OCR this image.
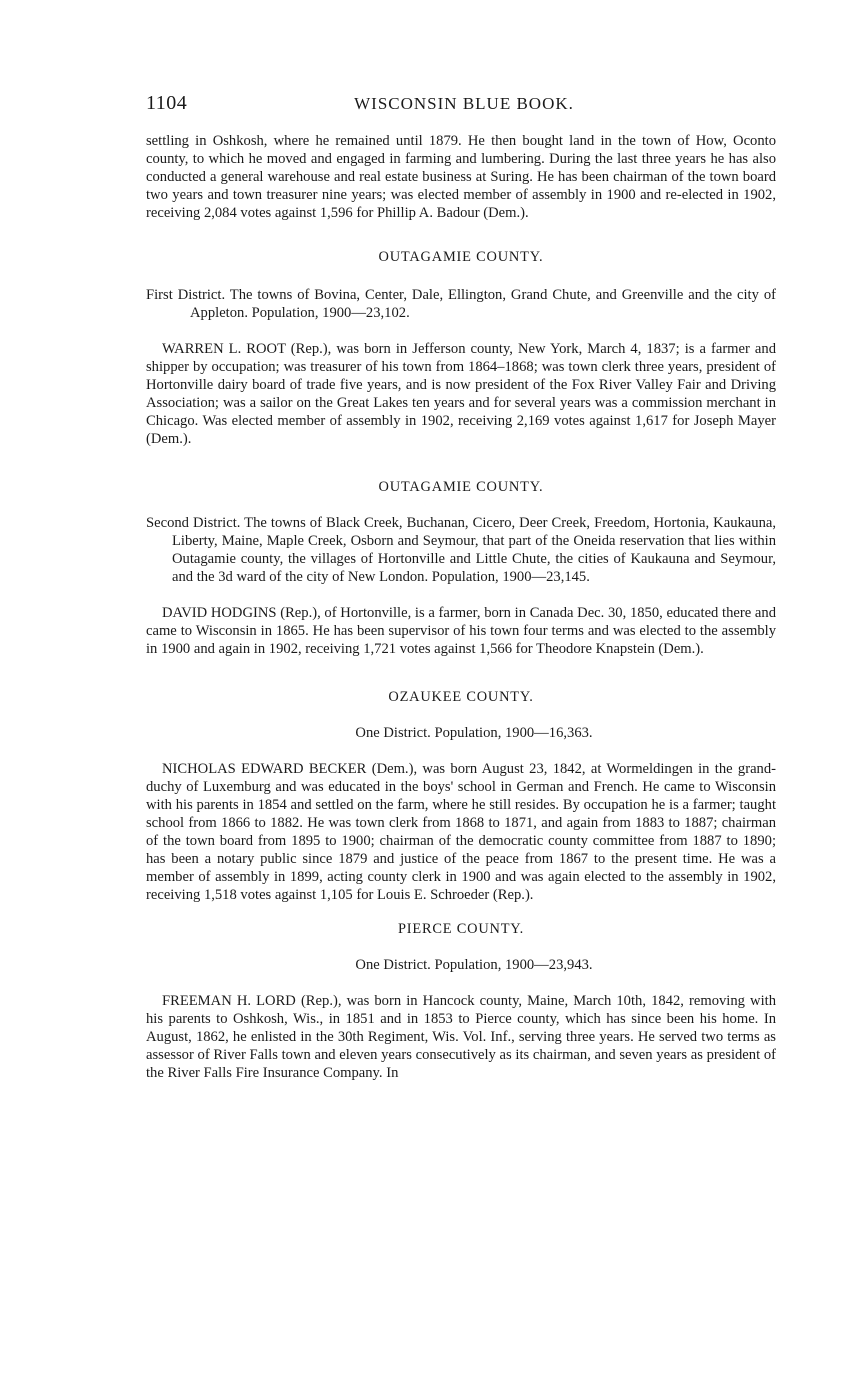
1104	WISCONSIN BLUE BOOK.

settling in Oshkosh, where he remained until 1879. He then bought land in the town of How, Oconto county, to which he moved and engaged in farming and lumbering. During the last three years he has also conducted a general warehouse and real estate business at Suring. He has been chairman of the town board two years and town treasurer nine years; was elected member of assembly in 1900 and re-elected in 1902, receiving 2,084 votes against 1,596 for Phillip A. Badour (Dem.).

OUTAGAMIE COUNTY.

First District. The towns of Bovina, Center, Dale, Ellington, Grand Chute, and Greenville and the city of Appleton. Population, 1900—23,102.

WARREN L. ROOT (Rep.), was born in Jefferson county, New York, March 4, 1837; is a farmer and shipper by occupation; was treasurer of his town from 1864–1868; was town clerk three years, president of Hortonville dairy board of trade five years, and is now president of the Fox River Valley Fair and Driving Association; was a sailor on the Great Lakes ten years and for several years was a commission merchant in Chicago. Was elected member of assembly in 1902, receiving 2,169 votes against 1,617 for Joseph Mayer (Dem.).

OUTAGAMIE COUNTY.

Second District. The towns of Black Creek, Buchanan, Cicero, Deer Creek, Freedom, Hortonia, Kaukauna, Liberty, Maine, Maple Creek, Osborn and Seymour, that part of the Oneida reservation that lies within Outagamie county, the villages of Hortonville and Little Chute, the cities of Kaukauna and Seymour, and the 3d ward of the city of New London. Population, 1900—23,145.

DAVID HODGINS (Rep.), of Hortonville, is a farmer, born in Canada Dec. 30, 1850, educated there and came to Wisconsin in 1865. He has been supervisor of his town four terms and was elected to the assembly in 1900 and again in 1902, receiving 1,721 votes against 1,566 for Theodore Knapstein (Dem.).

OZAUKEE COUNTY.
One District. Population, 1900—16,363.

NICHOLAS EDWARD BECKER (Dem.), was born August 23, 1842, at Wormeldingen in the grand-duchy of Luxemburg and was educated in the boys' school in German and French. He came to Wisconsin with his parents in 1854 and settled on the farm, where he still resides. By occupation he is a farmer; taught school from 1866 to 1882. He was town clerk from 1868 to 1871, and again from 1883 to 1887; chairman of the town board from 1895 to 1900; chairman of the democratic county committee from 1887 to 1890; has been a notary public since 1879 and justice of the peace from 1867 to the present time. He was a member of assembly in 1899, acting county clerk in 1900 and was again elected to the assembly in 1902, receiving 1,518 votes against 1,105 for Louis E. Schroeder (Rep.).

PIERCE COUNTY.
One District. Population, 1900—23,943.

FREEMAN H. LORD (Rep.), was born in Hancock county, Maine, March 10th, 1842, removing with his parents to Oshkosh, Wis., in 1851 and in 1853 to Pierce county, which has since been his home. In August, 1862, he enlisted in the 30th Regiment, Wis. Vol. Inf., serving three years. He served two terms as assessor of River Falls town and eleven years consecutively as its chairman, and seven years as president of the River Falls Fire Insurance Company. In
